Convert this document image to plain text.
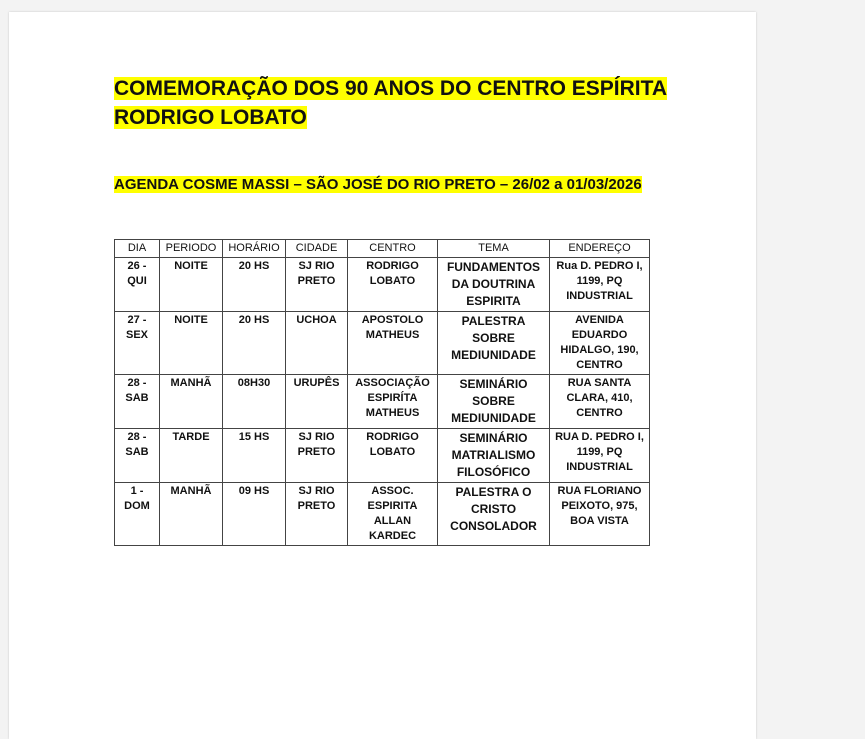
COMEMORAÇÃO DOS 90 ANOS DO CENTRO ESPÍRITA
RODRIGO LOBATO
AGENDA COSME MASSI – SÃO JOSÉ DO RIO PRETO – 26/02 a 01/03/2026
DIA	PERIODO	HORÁRIO	CIDADE	CENTRO	TEMA	ENDEREÇO
26 - QUI	NOITE	20 HS	SJ RIO PRETO	RODRIGO LOBATO	FUNDAMENTOS DA DOUTRINA ESPIRITA	Rua D. PEDRO I, 1199, PQ INDUSTRIAL
27 - SEX	NOITE	20 HS	UCHOA	APOSTOLO MATHEUS	PALESTRA SOBRE MEDIUNIDADE	AVENIDA EDUARDO HIDALGO, 190, CENTRO
28 - SAB	MANHÃ	08H30	URUPÊS	ASSOCIAÇÃO ESPIRÍTA MATHEUS	SEMINÁRIO SOBRE MEDIUNIDADE	RUA SANTA CLARA, 410, CENTRO
28 - SAB	TARDE	15 HS	SJ RIO PRETO	RODRIGO LOBATO	SEMINÁRIO MATRIALISMO FILOSÓFICO	RUA D. PEDRO I, 1199, PQ INDUSTRIAL
1 - DOM	MANHÃ	09 HS	SJ RIO PRETO	ASSOC. ESPIRITA ALLAN KARDEC	PALESTRA O CRISTO CONSOLADOR	RUA FLORIANO PEIXOTO, 975, BOA VISTA
